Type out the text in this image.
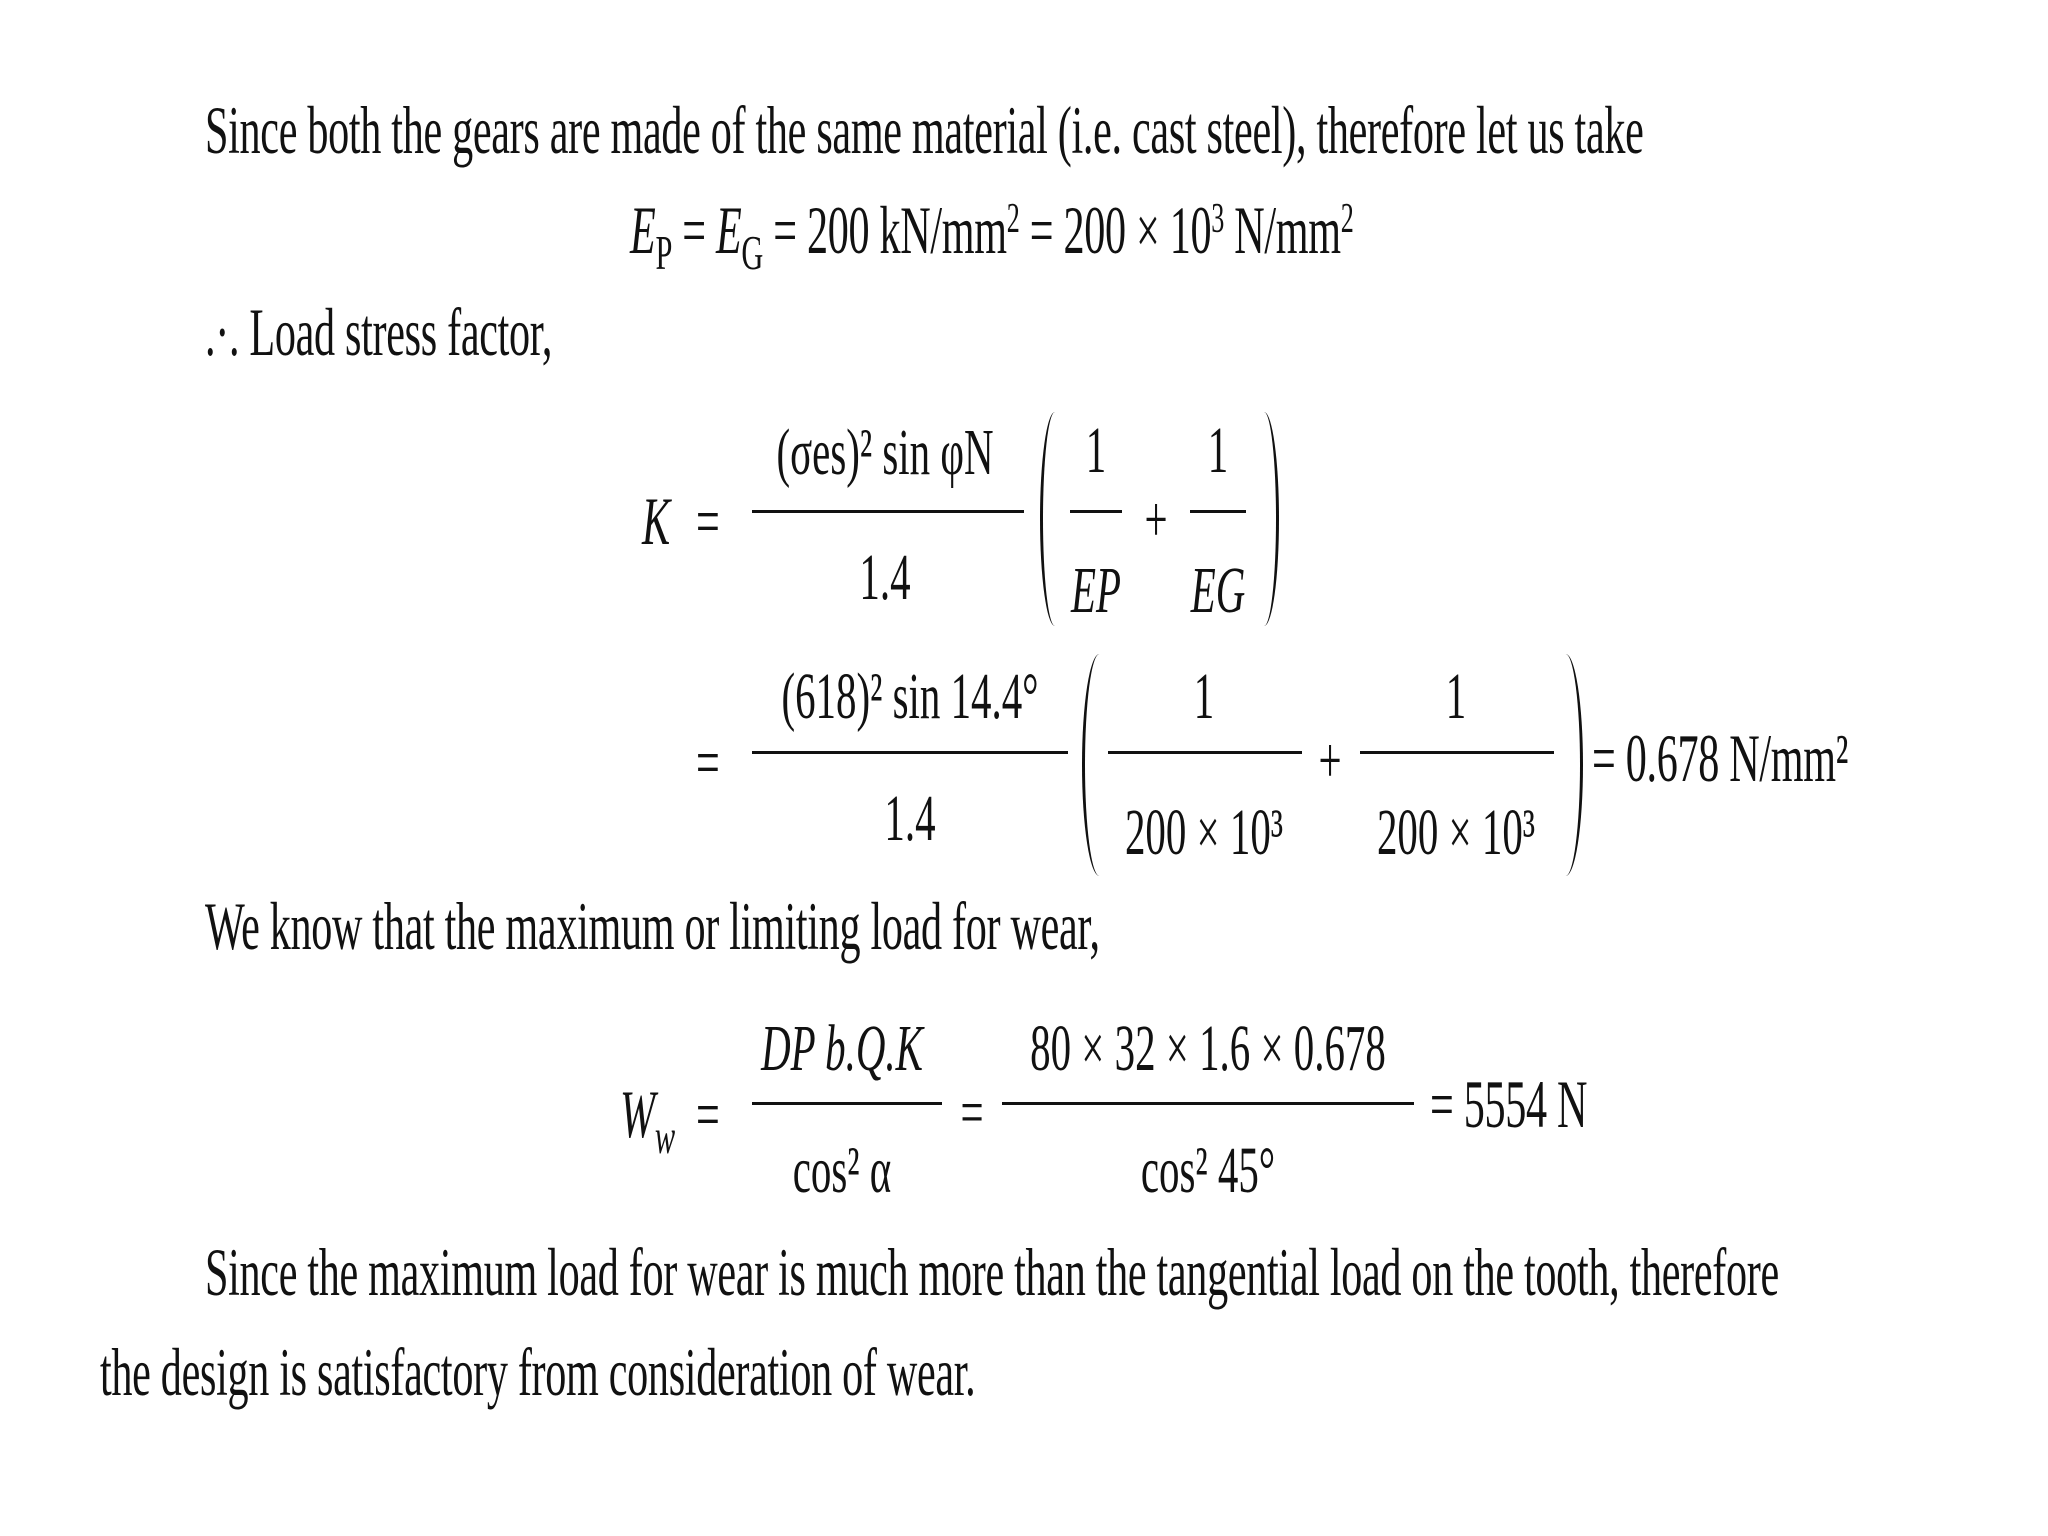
Since both the gears are made of the same material (i.e. cast steel), therefore let us take
$E_P = E_G = 200$ $kN/mm^2 = 200 \times 10^3$ $N/mm^2$
.·. Load stress factor,
K =
(σes)² sin φN
1.4
1
EP
+
1
EG
=
(618)² sin 14.4°
1.4
1
200 × 10³
+
1
200 × 10³
= 0.678 N/mm²
We know that the maximum or limiting load for wear,
$W_w$ =
DP b.Q.K
cos² α
=
80 × 32 × 1.6 × 0.678
cos² 45°
= 5554 N
Since the maximum load for wear is much more than the tangential load on the tooth, therefore
the design is satisfactory from consideration of wear.
